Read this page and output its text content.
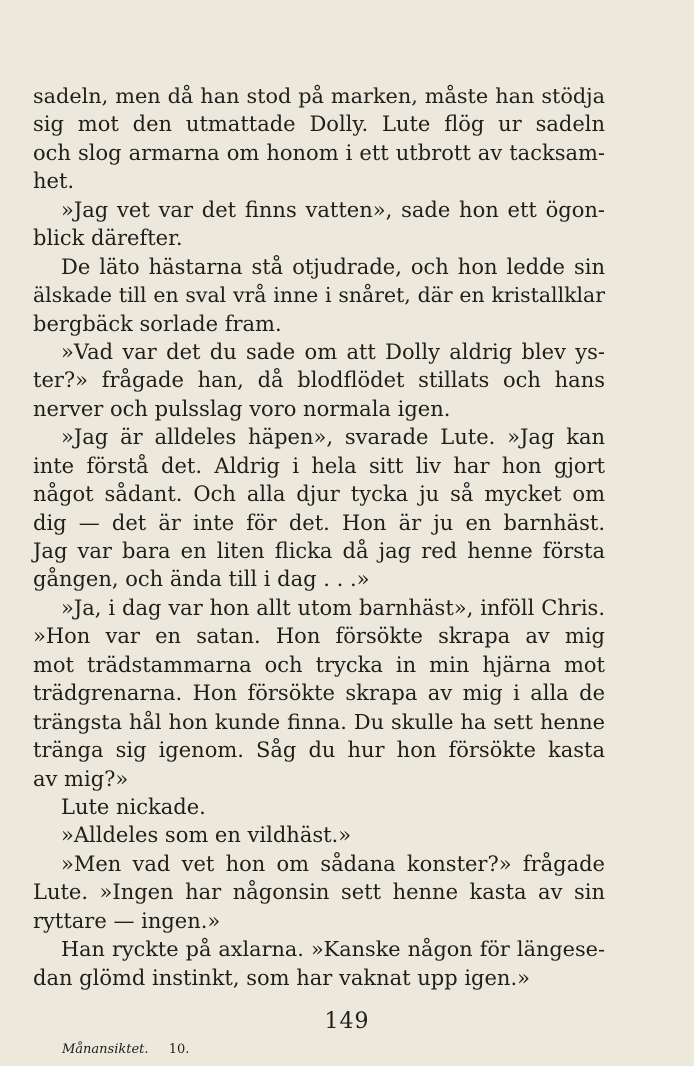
sadeln, men då han stod på marken, måste han stödja
sig mot den utmattade Dolly. Lute flög ur sadeln
och slog armarna om honom i ett utbrott av tacksam-
het.
»Jag vet var det finns vatten», sade hon ett ögon-
blick därefter.
De läto hästarna stå otjudrade, och hon ledde sin
älskade till en sval vrå inne i snåret, där en kristallklar
bergbäck sorlade fram.
»Vad var det du sade om att Dolly aldrig blev ys-
ter?» frågade han, då blodflödet stillats och hans
nerver och pulsslag voro normala igen.
»Jag är alldeles häpen», svarade Lute. »Jag kan
inte förstå det. Aldrig i hela sitt liv har hon gjort
något sådant. Och alla djur tycka ju så mycket om
dig — det är inte för det. Hon är ju en barnhäst.
Jag var bara en liten flicka då jag red henne första
gången, och ända till i dag . . .»
»Ja, i dag var hon allt utom barnhäst», inföll Chris.
»Hon var en satan. Hon försökte skrapa av mig
mot trädstammarna och trycka in min hjärna mot
trädgrenarna. Hon försökte skrapa av mig i alla de
trängsta hål hon kunde finna. Du skulle ha sett henne
tränga sig igenom. Såg du hur hon försökte kasta
av mig?»
Lute nickade.
»Alldeles som en vildhäst.»
»Men vad vet hon om sådana konster?» frågade
Lute. »Ingen har någonsin sett henne kasta av sin
ryttare — ingen.»
Han ryckte på axlarna. »Kanske någon för längese-
dan glömd instinkt, som har vaknat upp igen.»
149
Månansiktet. 10.
